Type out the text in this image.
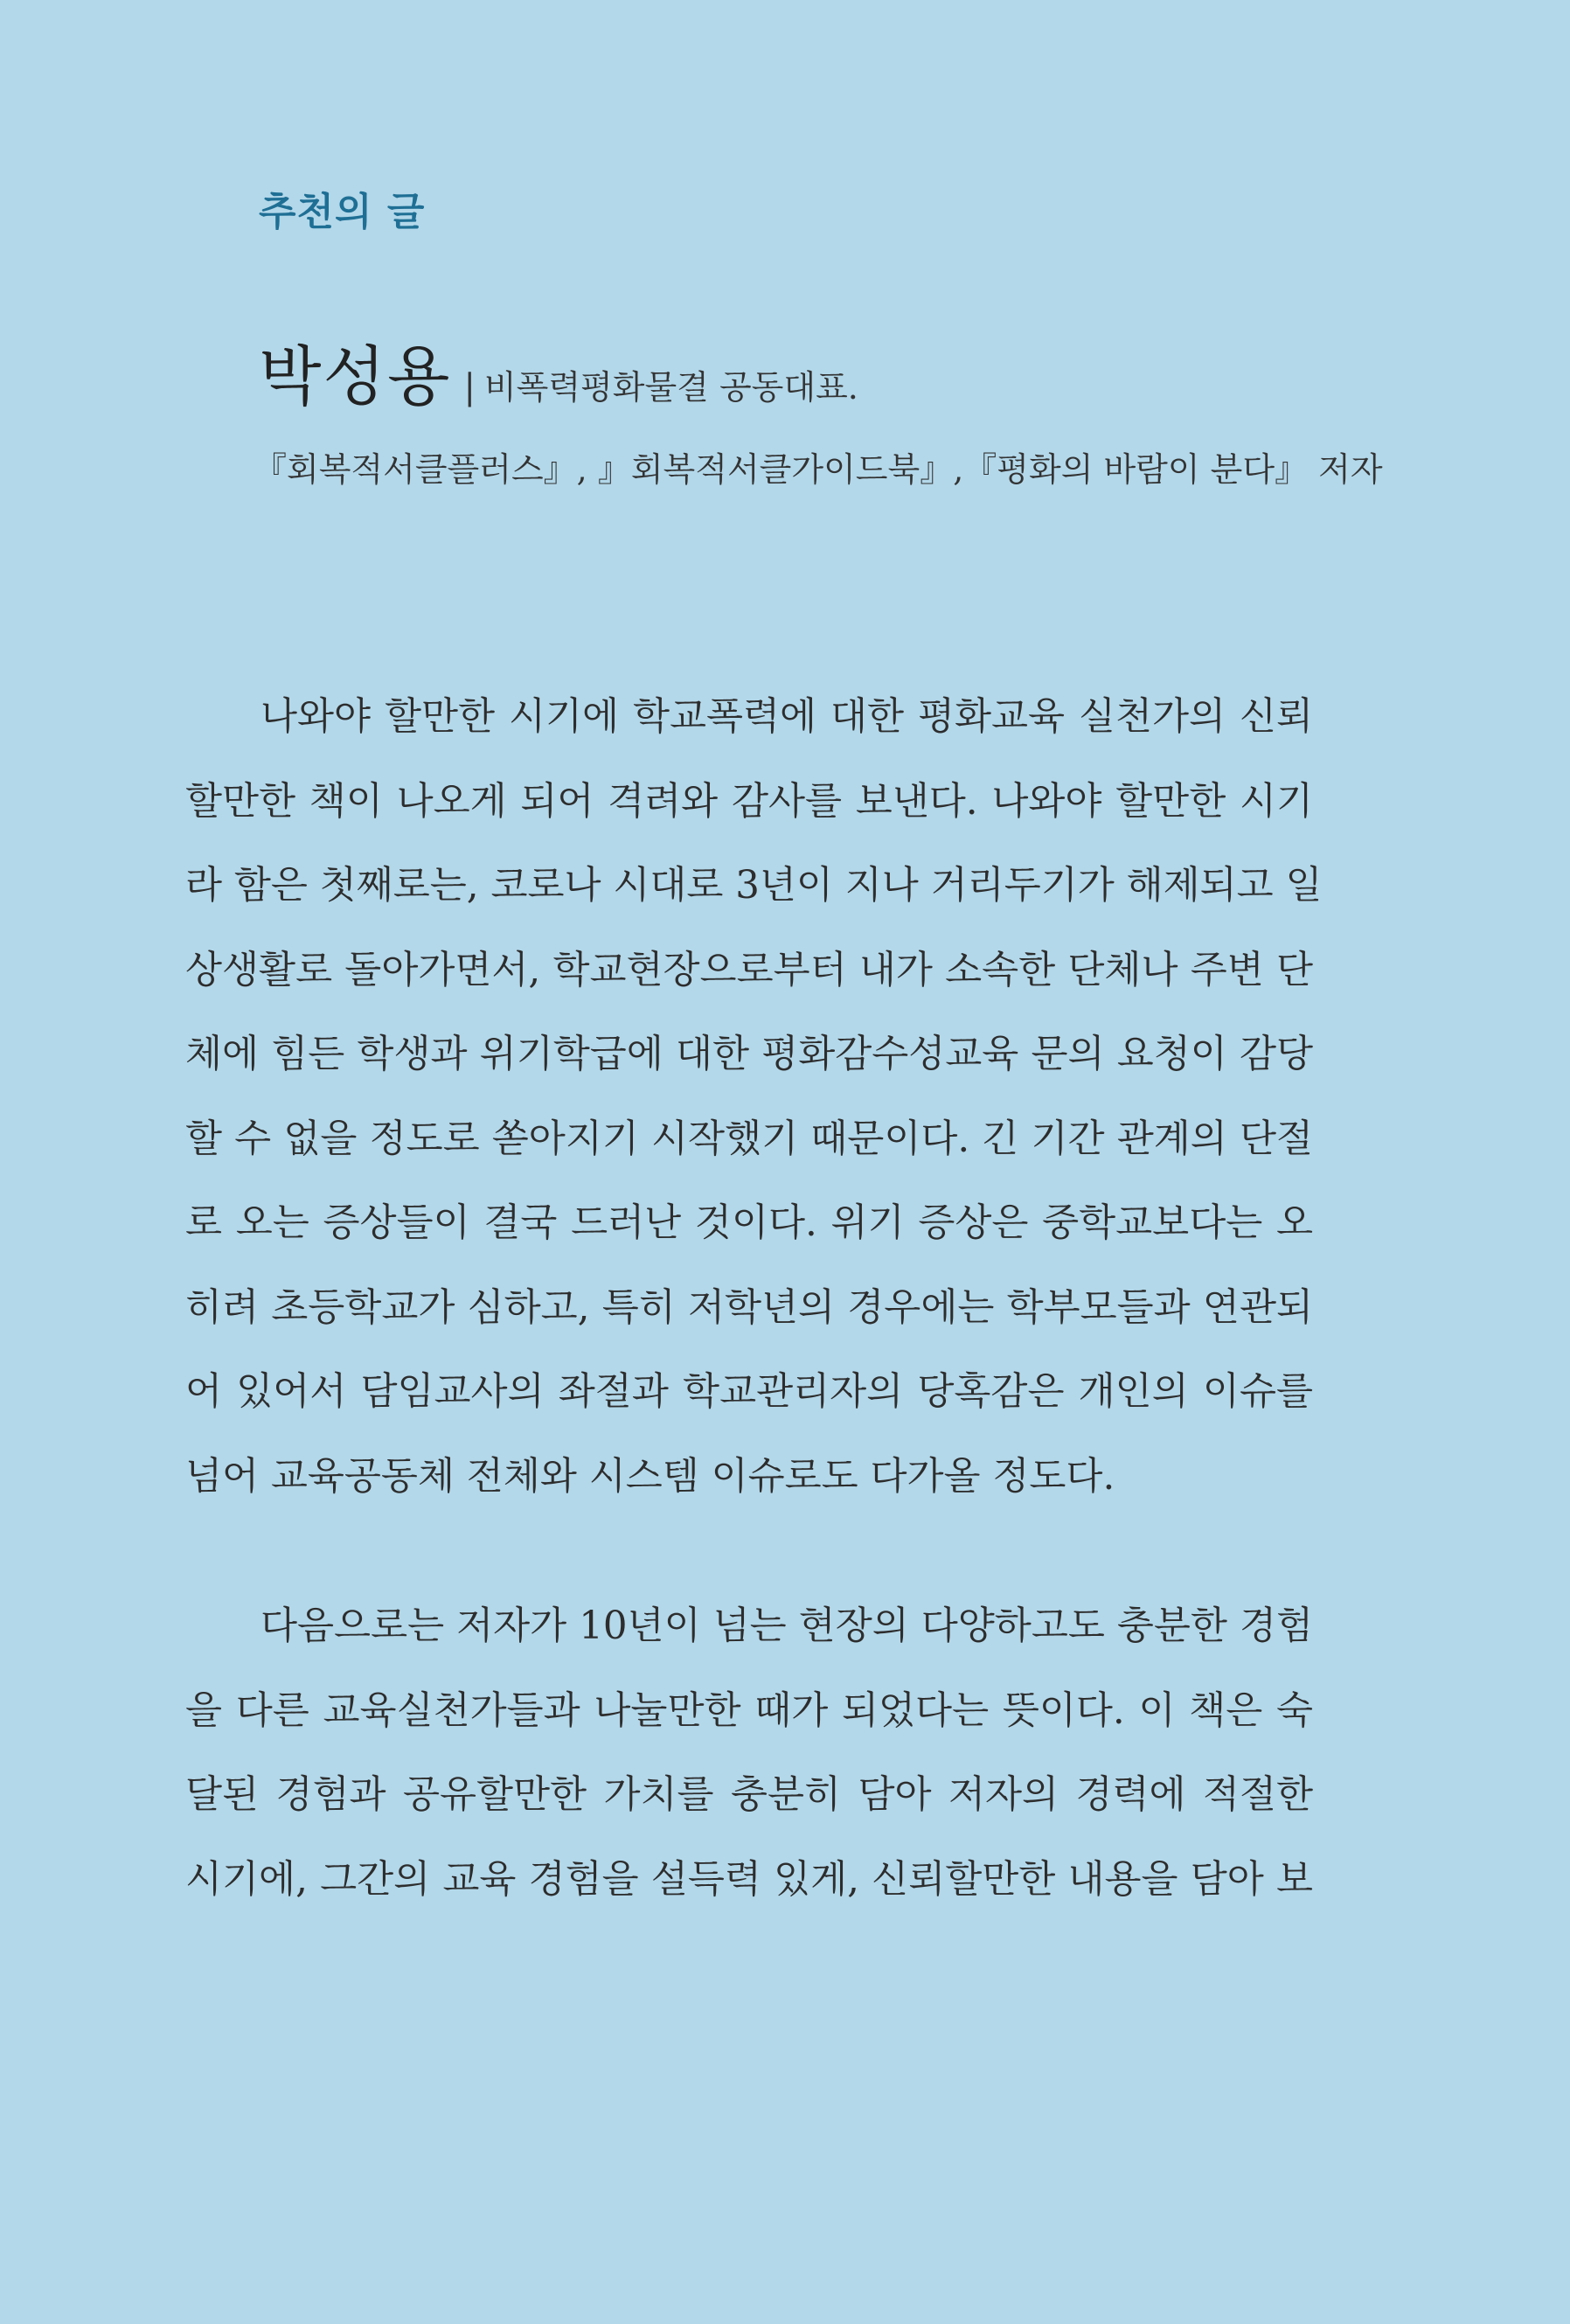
추천의 글
박성용 | 비폭력평화물결 공동대표.
『회복적서클플러스』, 』회복적서클가이드북』,『평화의 바람이 분다』 저자
나와야 할만한 시기에 학교폭력에 대한 평화교육 실천가의 신뢰
할만한 책이 나오게 되어 격려와 감사를 보낸다. 나와야 할만한 시기
라 함은 첫째로는, 코로나 시대로 3년이 지나 거리두기가 해제되고 일
상생활로 돌아가면서, 학교현장으로부터 내가 소속한 단체나 주변 단
체에 힘든 학생과 위기학급에 대한 평화감수성교육 문의 요청이 감당
할 수 없을 정도로 쏟아지기 시작했기 때문이다. 긴 기간 관계의 단절
로 오는 증상들이 결국 드러난 것이다. 위기 증상은 중학교보다는 오
히려 초등학교가 심하고, 특히 저학년의 경우에는 학부모들과 연관되
어 있어서 담임교사의 좌절과 학교관리자의 당혹감은 개인의 이슈를
넘어 교육공동체 전체와 시스템 이슈로도 다가올 정도다.
다음으로는 저자가 10년이 넘는 현장의 다양하고도 충분한 경험
을 다른 교육실천가들과 나눌만한 때가 되었다는 뜻이다. 이 책은 숙
달된 경험과 공유할만한 가치를 충분히 담아 저자의 경력에 적절한
시기에, 그간의 교육 경험을 설득력 있게, 신뢰할만한 내용을 담아 보
